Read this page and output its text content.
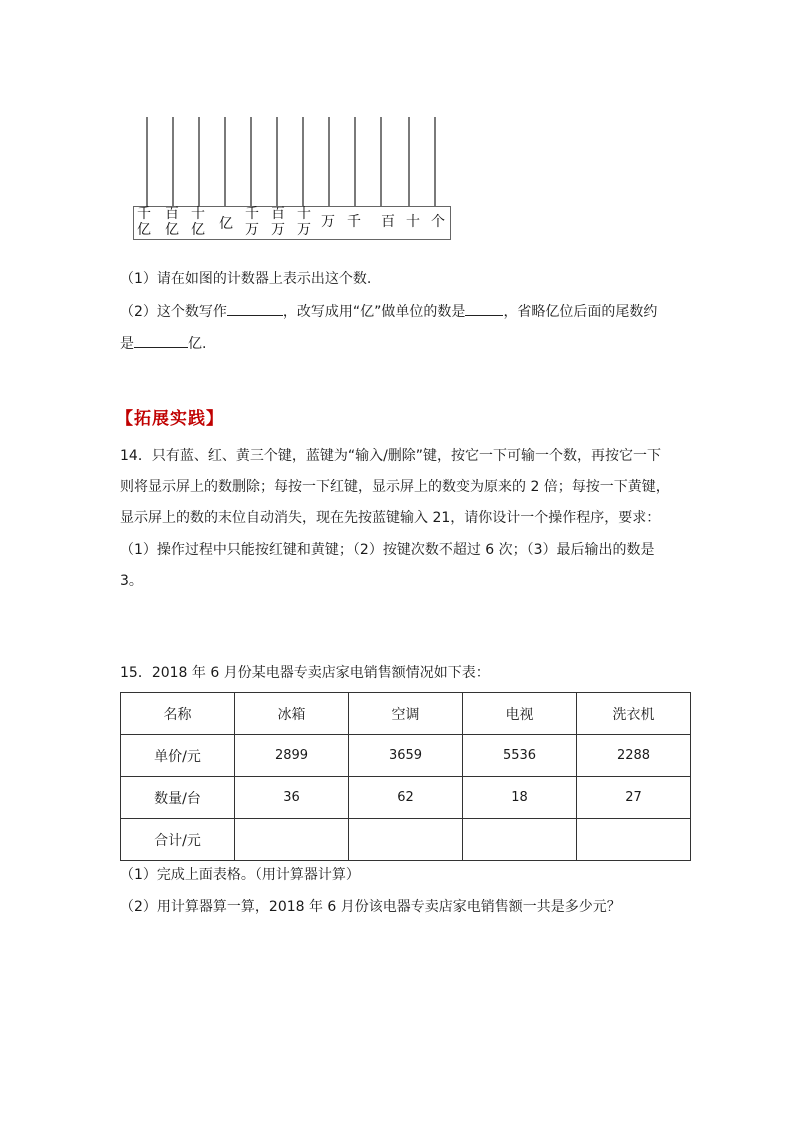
千
亿
百
亿
十
亿 亿
千
万
百
万
十
万 万 千 百 十 个
（1）请在如图的计数器上表示出这个数.
（2）这个数写作	，改写成用“亿”做单位的数是	，省略亿位后面的尾数约
是	亿.
【拓展实践】
14．只有蓝、红、黄三个键，蓝键为“输入/删除”键，按它一下可输一个数，再按它一下
则将显示屏上的数删除；每按一下红键，显示屏上的数变为原来的 2 倍；每按一下黄键，
显示屏上的数的末位自动消失，现在先按蓝键输入 21，请你设计一个操作程序，要求：
（1）操作过程中只能按红键和黄键；（2）按键次数不超过 6 次；（3）最后输出的数是
3。
15．2018 年 6 月份某电器专卖店家电销售额情况如下表：
名称	冰箱	空调	电视	洗衣机
单价/元	2899	3659	5536	2288
数量/台	36	62	18	27
合计/元				
（1）完成上面表格。（用计算器计算）
（2）用计算器算一算，2018 年 6 月份该电器专卖店家电销售额一共是多少元？
